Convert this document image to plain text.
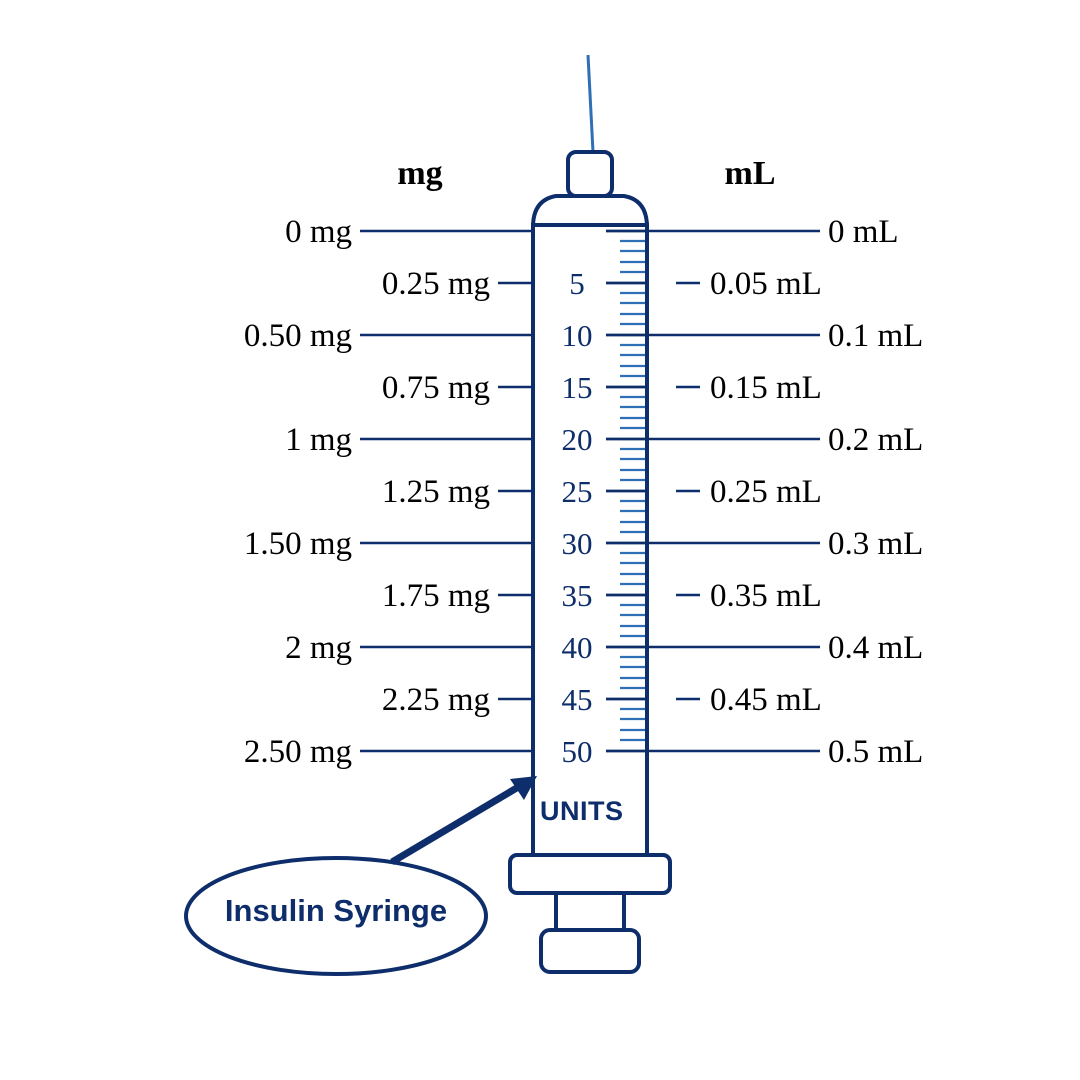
mg	mL
0 mg
0.25 mg
0.50 mg
0.75 mg
1 mg
1.25 mg
1.50 mg
1.75 mg
2 mg
2.25 mg
2.50 mg
5
10
15
20
25
30
35
40
45
50
UNITS
0 mL
0.05 mL
0.1 mL
0.15 mL
0.2 mL
0.25 mL
0.3 mL
0.35 mL
0.4 mL
0.45 mL
0.5 mL
Insulin Syringe
